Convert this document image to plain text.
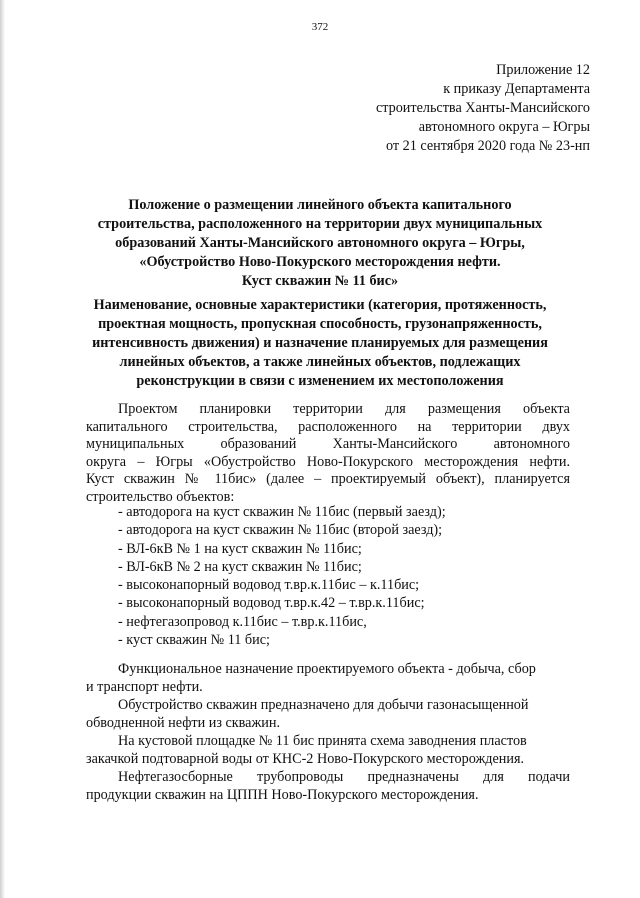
372
Приложение 12
к приказу Департамента
строительства Ханты-Мансийского
автономного округа – Югры
от 21 сентября 2020 года № 23-нп
Положение о размещении линейного объекта капитального
строительства, расположенного на территории двух муниципальных
образований Ханты-Мансийского автономного округа – Югры,
«Обустройство Ново-Покурского месторождения нефти.
Куст скважин № 11 бис»
Наименование, основные характеристики (категория, протяженность,
проектная мощность, пропускная способность, грузонапряженность,
интенсивность движения) и назначение планируемых для размещения
линейных объектов, а также линейных объектов, подлежащих
реконструкции в связи с изменением их местоположения
Проектом планировки территории для размещения объекта
капитального строительства, расположенного на территории двух
муниципальных образований Ханты-Мансийского автономного
округа – Югры «Обустройство Ново-Покурского месторождения нефти.
Куст скважин № 11бис» (далее – проектируемый объект), планируется
строительство объектов:
- автодорога на куст скважин № 11бис (первый заезд);
- автодорога на куст скважин № 11бис (второй заезд);
- ВЛ-6кВ № 1 на куст скважин № 11бис;
- ВЛ-6кВ № 2 на куст скважин № 11бис;
- высоконапорный водовод т.вр.к.11бис – к.11бис;
- высоконапорный водовод т.вр.к.42 – т.вр.к.11бис;
- нефтегазопровод к.11бис – т.вр.к.11бис,
- куст скважин № 11 бис;
Функциональное назначение проектируемого объекта - добыча, сбор
и транспорт нефти.
Обустройство скважин предназначено для добычи газонасыщенной
обводненной нефти из скважин.
На кустовой площадке № 11 бис принята схема заводнения пластов
закачкой подтоварной воды от КНС-2 Ново-Покурского месторождения.
Нефтегазосборные трубопроводы предназначены для подачи
продукции скважин на ЦППН Ново-Покурского месторождения.
